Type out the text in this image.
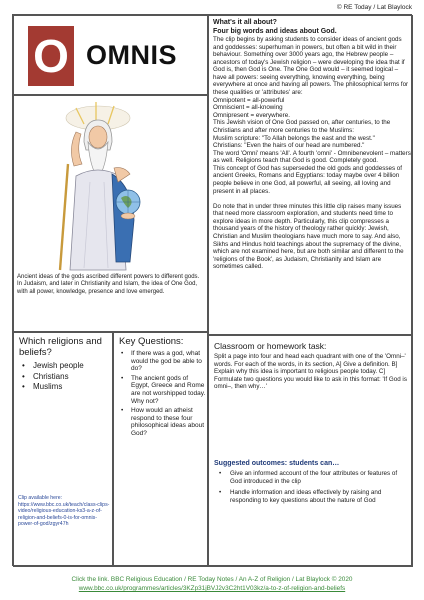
© RE Today / Lat Blaylock
O OMNIS
Ancient ideas of the gods ascribed different powers to different gods. In Judaism, and later in Christianity and Islam, the idea of One God, with all power, knowledge, presence and love emerged.
What's it all about?
Four big words and ideas about God.

The clip begins by asking students to consider ideas of ancient gods and goddesses: superhuman in powers, but often a bit wild in their behaviour. Something over 3000 years ago, the Hebrew people – ancestors of today's Jewish religion – were developing the idea that if God is, then God is One. The One God would – it seemed logical – have all powers: seeing everything, knowing everything, being everywhere at once and having all powers. The philosophical terms for these qualities or 'attributes' are:

Omnipotent = all-powerful

Omniscient = all-knowing

Omnipresent = everywhere.

This Jewish vision of One God passed on, after centuries, to the Christians and after more centuries to the Muslims:

Muslim scripture: "To Allah belongs the east and the west."

Christians: "Even the hairs of our head are numbered."

The word 'Omni' means 'All'. A fourth 'omni' - Omnibenevolent – matters as well. Religions teach that God is good. Completely good.

This concept of God has superseded the old gods and goddesses of ancient Greeks, Romans and Egyptians: today maybe over 4 billion people believe in one God, all powerful, all seeing, all loving and present in all places.

Do note that in under three minutes this little clip raises many issues that need more classroom exploration, and students need time to explore ideas in more depth. Particularly, this clip compresses a thousand years of the history of theology rather quickly: Jewish, Christian and Muslim theologians have much more to say. And also, Sikhs and Hindus hold teachings about the supremacy of the divine, which are not examined here, but are both similar and different to the 'religions of the Book', as Judaism, Christianity and Islam are sometimes called.

Which religions and beliefs?
• Jewish people
• Christians
• Muslims
Clip available here: https://www.bbc.co.uk/teach/class-clips-video/religious-education-ks3-a-z-of-religion-and-beliefs-0-is-for-omnis-power-of-god/zgyr47h
Key Questions:
• If there was a god, what would the god be able to do?
• The ancient gods of Egypt, Greece and Rome are not worshipped today. Why not?
• How would an atheist respond to these four philosophical ideas about God?
Classroom or homework task:
Split a page into four and head each quadrant with one of the 'Omni–' words. For each of the words, in its section, A] Give a definition. B] Explain why this idea is important to religious people today. C] Formulate two questions you would like to ask in this format: 'If God is omni–, then why…'
Suggested outcomes: students can…
• Give an informed account of the four attributes or features of God introduced in the clip
• Handle information and ideas effectively by raising and responding to key questions about the nature of God
Click the link. BBC Religious Education / RE Today Notes / An A-Z of Religion / Lat Blaylock © 2020
www.bbc.co.uk/programmes/articles/3KZp31jBVJ2v3C2ht1V03kz/a-to-z-of-religion-and-beliefs
